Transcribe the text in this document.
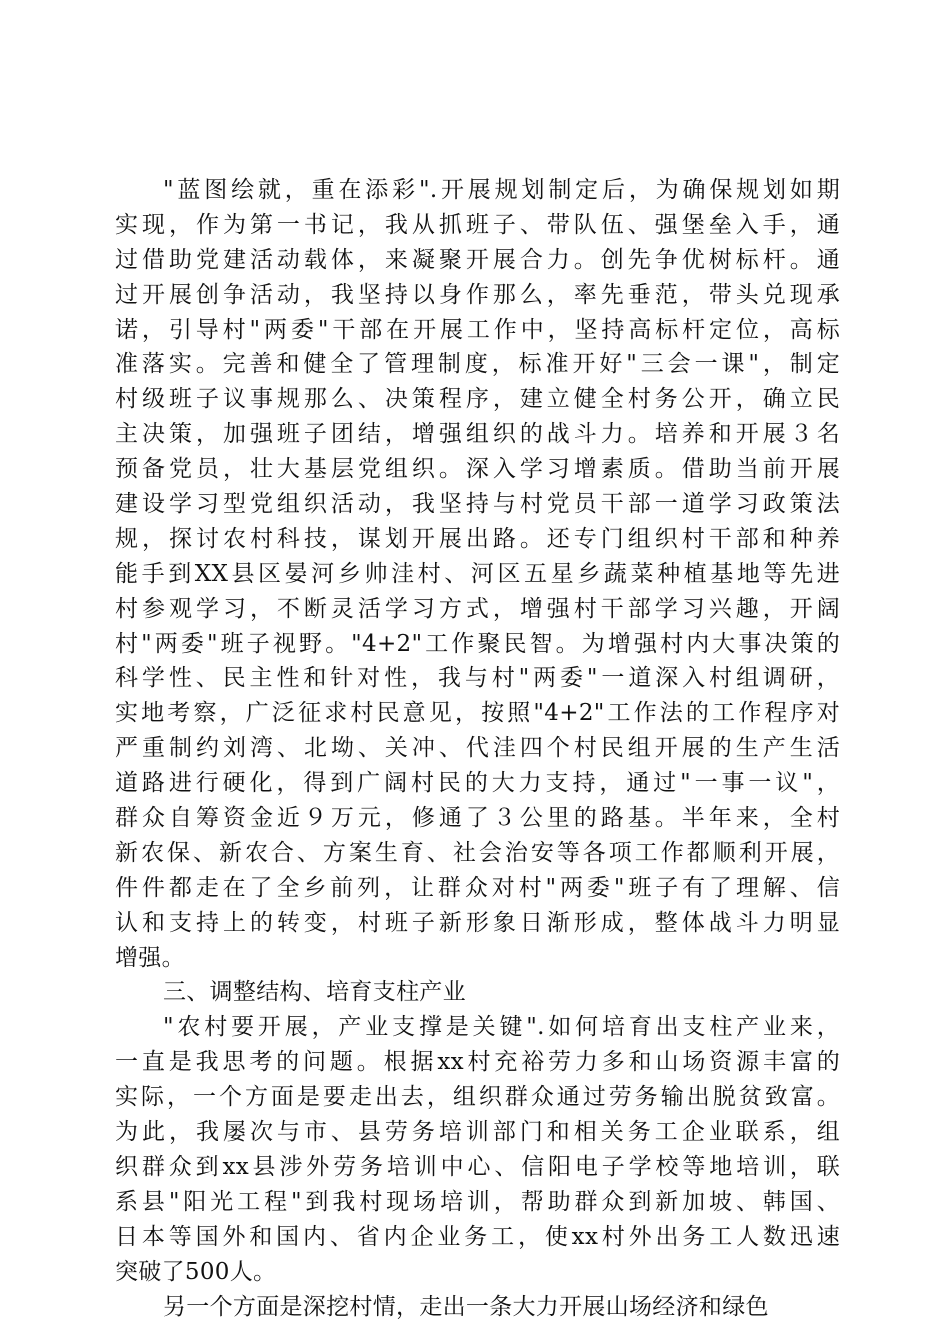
"蓝图绘就，重在添彩".开展规划制定后，为确保规划如期
实现，作为第一书记，我从抓班子、带队伍、强堡垒入手，通
过借助党建活动载体，来凝聚开展合力。创先争优树标杆。通
过开展创争活动，我坚持以身作那么，率先垂范，带头兑现承
诺，引导村"两委"干部在开展工作中，坚持高标杆定位，高标
准落实。完善和健全了管理制度，标准开好"三会一课"，制定
村级班子议事规那么、决策程序，建立健全村务公开，确立民
主决策，加强班子团结，增强组织的战斗力。培养和开展３名
预备党员，壮大基层党组织。深入学习增素质。借助当前开展
建设学习型党组织活动，我坚持与村党员干部一道学习政策法
规，探讨农村科技，谋划开展出路。还专门组织村干部和种养
能手到XX县区晏河乡帅洼村、河区五星乡蔬菜种植基地等先进
村参观学习，不断灵活学习方式，增强村干部学习兴趣，开阔
村"两委"班子视野。"4+2"工作聚民智。为增强村内大事决策的
科学性、民主性和针对性，我与村"两委"一道深入村组调研，
实地考察，广泛征求村民意见，按照"4+2"工作法的工作程序对
严重制约刘湾、北坳、关冲、代洼四个村民组开展的生产生活
道路进行硬化，得到广阔村民的大力支持，通过"一事一议"，
群众自筹资金近９万元，修通了３公里的路基。半年来，全村
新农保、新农合、方案生育、社会治安等各项工作都顺利开展，
件件都走在了全乡前列，让群众对村"两委"班子有了理解、信
认和支持上的转变，村班子新形象日渐形成，整体战斗力明显
增强。
三、调整结构、培育支柱产业
"农村要开展，产业支撑是关键".如何培育出支柱产业来，
一直是我思考的问题。根据xx村充裕劳力多和山场资源丰富的
实际，一个方面是要走出去，组织群众通过劳务输出脱贫致富。
为此，我屡次与市、县劳务培训部门和相关务工企业联系，组
织群众到xx县涉外劳务培训中心、信阳电子学校等地培训，联
系县"阳光工程"到我村现场培训，帮助群众到新加坡、韩国、
日本等国外和国内、省内企业务工，使xx村外出务工人数迅速
突破了500人。
另一个方面是深挖村情，走出一条大力开展山场经济和绿色
